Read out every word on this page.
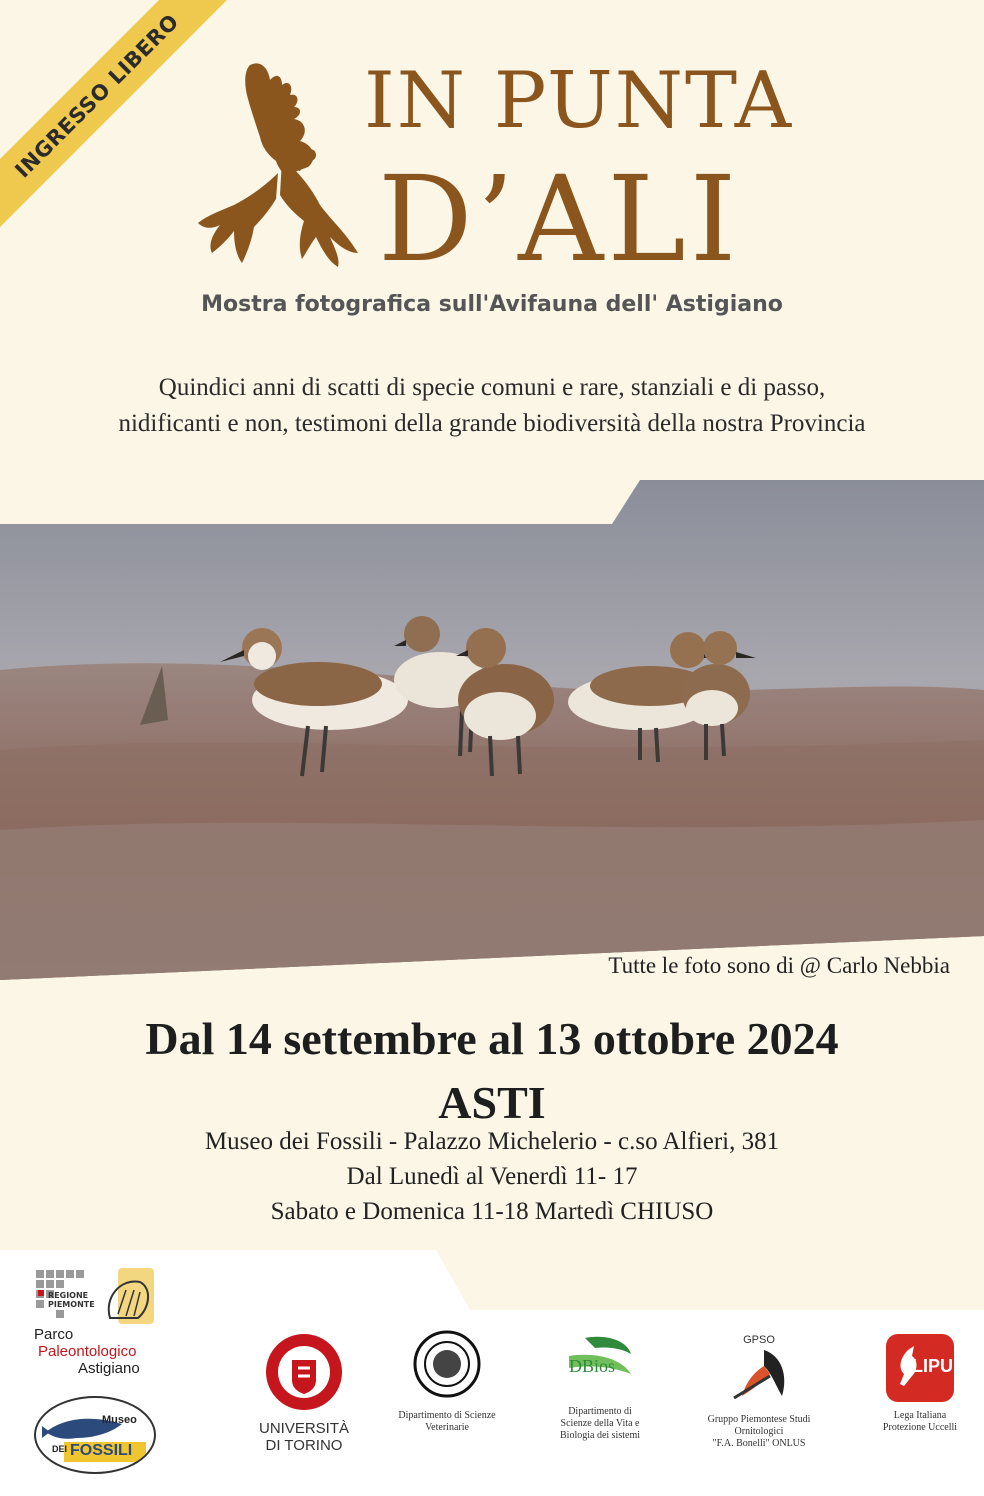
INGRESSO LIBERO IN PUNTA
D’ALI
Mostra fotografica sull'Avifauna dell' Astigiano
Quindici anni di scatti di specie comuni e rare, stanziali e di passo,
nidificanti e non, testimoni della grande biodiversità della nostra Provincia
Tutte le foto sono di @ Carlo Nebbia
Dal 14 settembre al 13 ottobre 2024
ASTI
Museo dei Fossili - Palazzo Michelerio - c.so Alfieri, 381
Dal Lunedì al Venerdì 11- 17
Sabato e Domenica 11-18 Martedì CHIUSO
REGIONE
PIEMONTE
Parco
Paleontologico
Astigiano
Museo
DEI FOSSILI
UNIVERSITÀ
DI TORINO
Dipartimento di Scienze
Veterinarie
DBios
Dipartimento di
Scienze della Vita e
Biologia dei sistemi
GPSO
Gruppo Piemontese Studi
Ornitologici
"F.A. Bonelli" ONLUS
LIPU
Lega Italiana
Protezione Uccelli
